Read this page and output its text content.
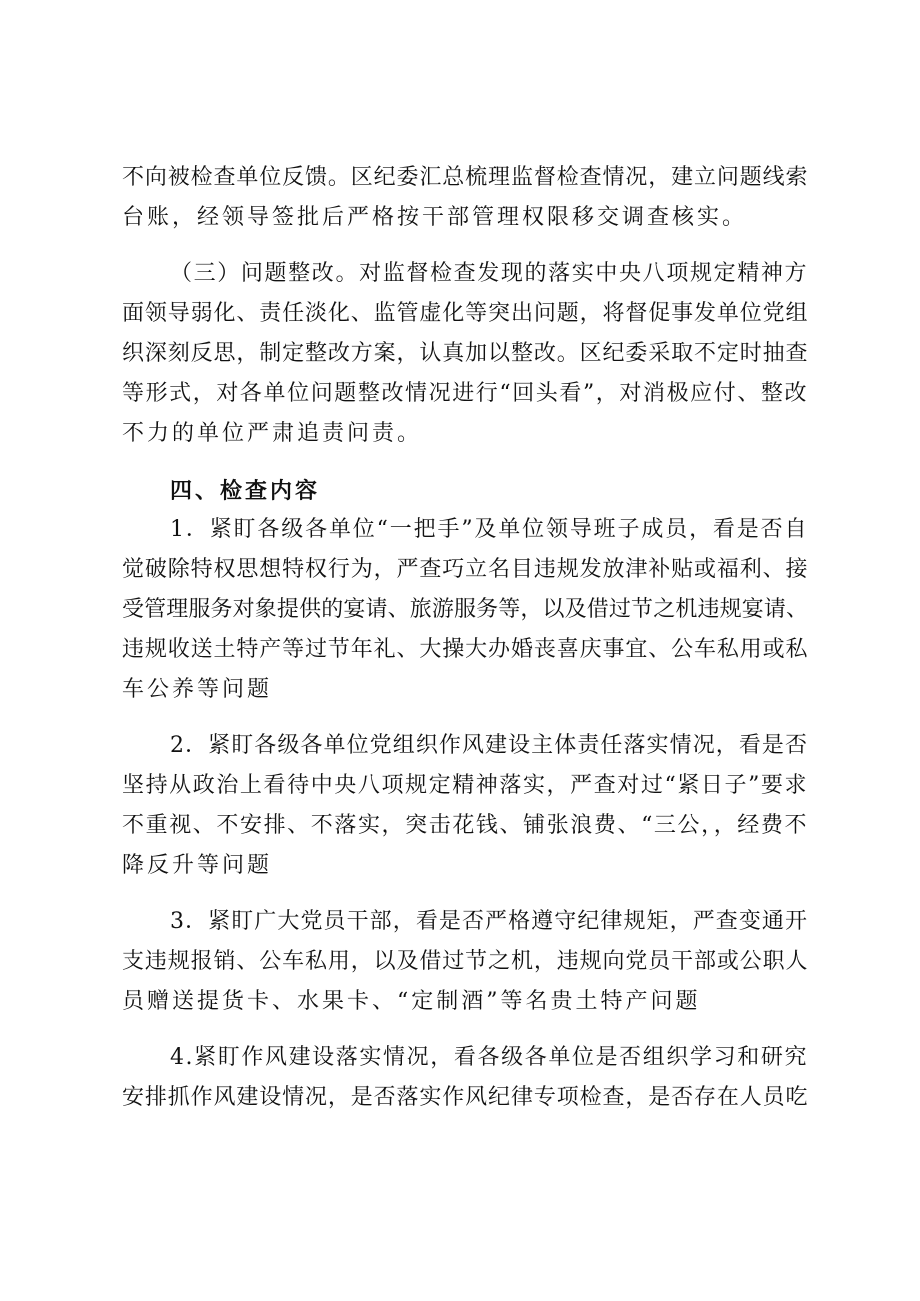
不向被检查单位反馈。区纪委汇总梳理监督检查情况，建立问题线索
台账，经领导签批后严格按干部管理权限移交调查核实。
（三）问题整改。对监督检查发现的落实中央八项规定精神方
面领导弱化、责任淡化、监管虚化等突出问题，将督促事发单位党组
织深刻反思，制定整改方案，认真加以整改。区纪委采取不定时抽查
等形式，对各单位问题整改情况进行“回头看”，对消极应付、整改
不力的单位严肃追责问责。
四、检查内容
1．紧盯各级各单位“一把手”及单位领导班子成员，看是否自
觉破除特权思想特权行为，严查巧立名目违规发放津补贴或福利、接
受管理服务对象提供的宴请、旅游服务等，以及借过节之机违规宴请、
违规收送土特产等过节年礼、大操大办婚丧喜庆事宜、公车私用或私
车公养等问题
2．紧盯各级各单位党组织作风建设主体责任落实情况，看是否
坚持从政治上看待中央八项规定精神落实，严查对过“紧日子”要求
不重视、不安排、不落实，突击花钱、铺张浪费、“三公，，经费不
降反升等问题
3．紧盯广大党员干部，看是否严格遵守纪律规矩，严查变通开
支违规报销、公车私用，以及借过节之机，违规向党员干部或公职人
员赠送提货卡、水果卡、“定制酒”等名贵土特产问题
4.紧盯作风建设落实情况，看各级各单位是否组织学习和研究
安排抓作风建设情况，是否落实作风纪律专项检查，是否存在人员吃
